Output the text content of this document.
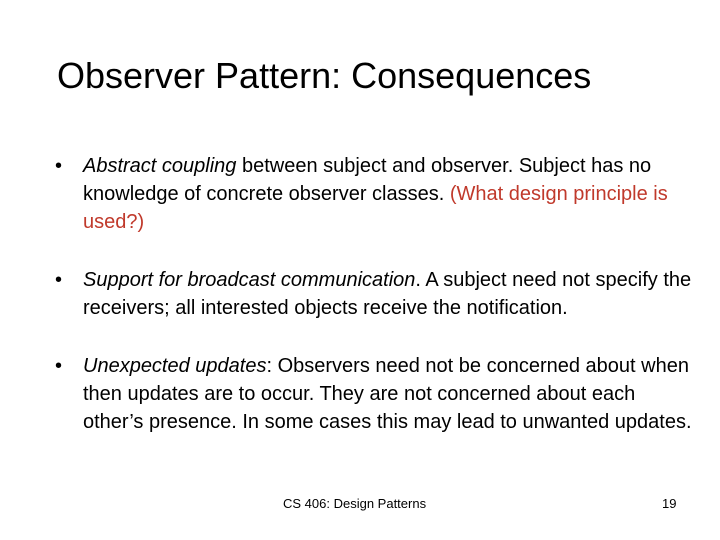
Observer Pattern: Consequences
• Abstract coupling between subject and observer. Subject has no knowledge of concrete observer classes. (What design principle is used?)
• Support for broadcast communication. A subject need not specify the receivers; all interested objects receive the notification.
• Unexpected updates: Observers need not be concerned about when then updates are to occur. They are not concerned about each other’s presence. In some cases this may lead to unwanted updates.
CS 406: Design Patterns	19
